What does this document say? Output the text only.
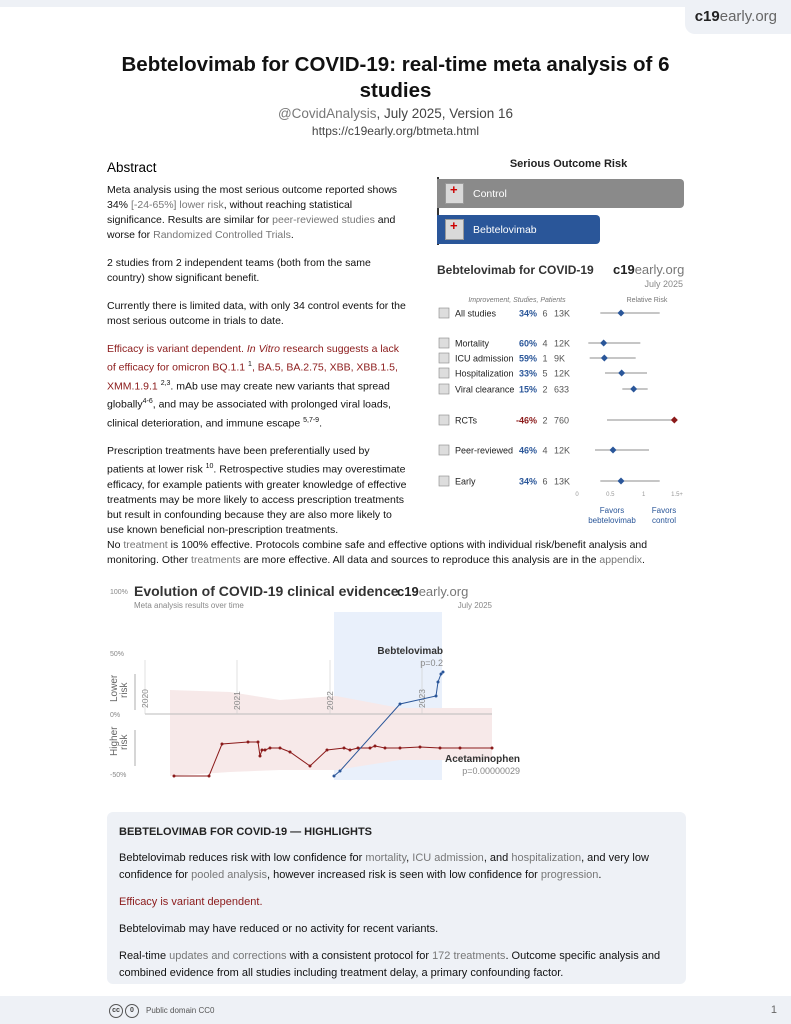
c19early.org
Bebtelovimab for COVID-19: real-time meta analysis of 6 studies
@CovidAnalysis, July 2025, Version 16
https://c19early.org/btmeta.html
Abstract

Meta analysis using the most serious outcome reported shows 34% [-24-65%] lower risk, without reaching statistical significance. Results are similar for peer-reviewed studies and worse for Randomized Controlled Trials.

2 studies from 2 independent teams (both from the same country) show significant benefit.

Currently there is limited data, with only 34 control events for the most serious outcome in trials to date.

Efficacy is variant dependent. In Vitro research suggests a lack of efficacy for omicron BQ.1.1 $^1$, BA.5, BA.2.75, XBB, XBB.1.5, XMM.1.9.1 $^{2,3}$. mAb use may create new variants that spread globally$^{4-6}$, and may be associated with prolonged viral loads, clinical deterioration, and immune escape $^{5,7-9}$.

Prescription treatments have been preferentially used by patients at lower risk $^{10}$. Retrospective studies may overestimate efficacy, for example patients with greater knowledge of effective treatments may be more likely to access prescription treatments but result in confounding because they are also more likely to use known beneficial non-prescription treatments.

Serious Outcome Risk
+
Control
+
Bebtelovimab
Bebtelovimab for COVID-19 c19early.org
July 2025
Improvement, Studies, Patients	Relative Risk
All studies	34% 6 13K
Mortality	60% 4 12K
ICU admission 59% 1 9K
Hospitalization 33% 5 12K
Viral clearance 15% 2 633
RCTs	-46% 2 760
Peer-reviewed 46% 4 12K
Early	34% 6 13K
0	0.5	1	1.5+
Favors bebtelovimab
Favors control
100% Evolution of COVID-19 clinical evidence
Meta analysis results over time
c19early.org
July 2025
50%
0%
-50%
Lower risk
Higher risk
2020	2021	2022	2023
Bebtelovimab
p=0.2
Acetaminophen
p=0.00000029
No treatment is 100% effective. Protocols combine safe and effective options with individual risk/benefit analysis and monitoring. Other treatments are more effective. All data and sources to reproduce this analysis are in the appendix.
BEBTELOVIMAB FOR COVID-19 — HIGHLIGHTS

Bebtelovimab reduces risk with low confidence for mortality, ICU admission, and hospitalization, and very low confidence for pooled analysis, however increased risk is seen with low confidence for progression.

Efficacy is variant dependent.

Bebtelovimab may have reduced or no activity for recent variants.

Real-time updates and corrections with a consistent protocol for 172 treatments. Outcome specific analysis and combined evidence from all studies including treatment delay, a primary confounding factor.

cc	0	Public domain CC0	1
